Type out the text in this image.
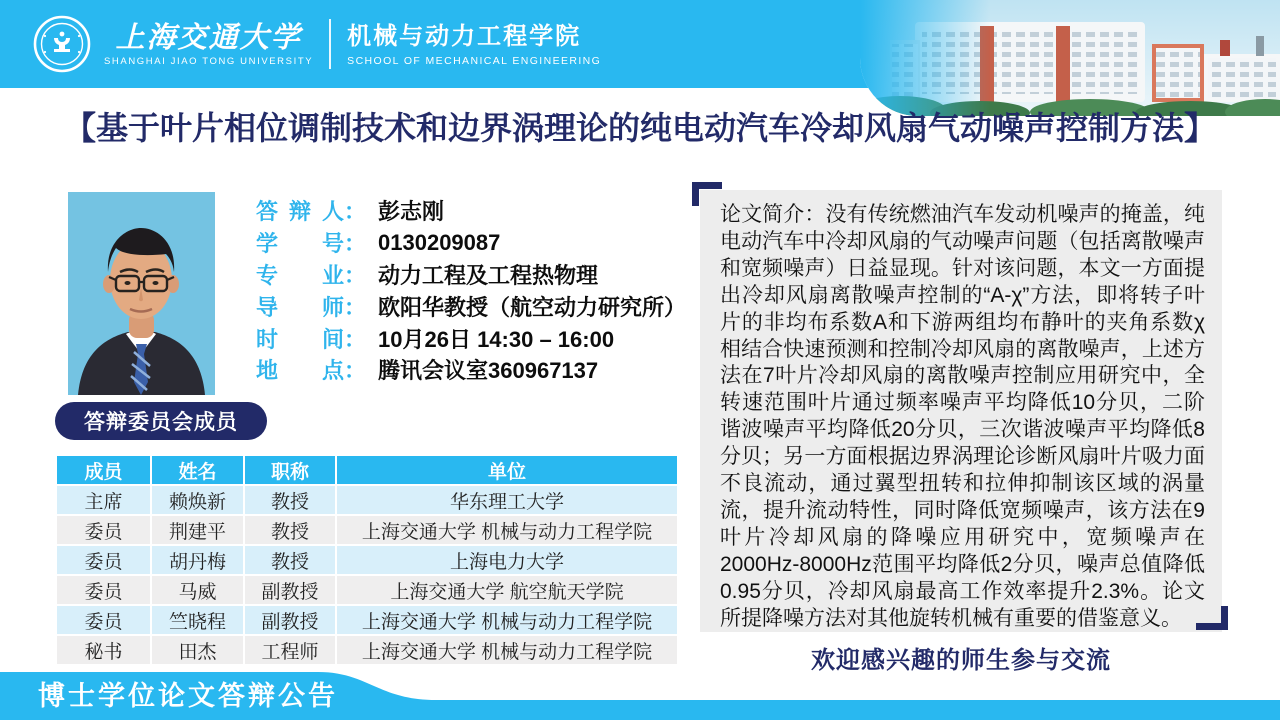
上海交通大学
SHANGHAI JIAO TONG UNIVERSITY
机械与动力工程学院
SCHOOL OF MECHANICAL ENGINEERING
【基于叶片相位调制技术和边界涡理论的纯电动汽车冷却风扇气动噪声控制方法】
答辩人 ： 彭志刚
学号 ： 0130209087
专业 ： 动力工程及工程热物理
导师 ： 欧阳华教授（航空动力研究所）
时间 ： 10月26日 14:30 – 16:00
地点 ： 腾讯会议室360967137
答辩委员会成员
成员	姓名	职称	单位
主席	赖焕新	教授	华东理工大学
委员	荆建平	教授	上海交通大学 机械与动力工程学院
委员	胡丹梅	教授	上海电力大学
委员	马威	副教授	上海交通大学 航空航天学院
委员	竺晓程	副教授	上海交通大学 机械与动力工程学院
秘书	田杰	工程师	上海交通大学 机械与动力工程学院
论文简介：没有传统燃油汽车发动机噪声的掩盖，纯电动汽车中冷却风扇的气动噪声问题（包括离散噪声和宽频噪声）日益显现。针对该问题，本文一方面提出冷却风扇离散噪声控制的“A-χ”方法，即将转子叶片的非均布系数A和下游两组均布静叶的夹角系数χ相结合快速预测和控制冷却风扇的离散噪声，上述方法在7叶片冷却风扇的离散噪声控制应用研究中，全转速范围叶片通过频率噪声平均降低10分贝，二阶谐波噪声平均降低20分贝，三次谐波噪声平均降低8分贝；另一方面根据边界涡理论诊断风扇叶片吸力面不良流动，通过翼型扭转和拉伸抑制该区域的涡量流，提升流动特性，同时降低宽频噪声，该方法在9叶片冷却风扇的降噪应用研究中，宽频噪声在2000Hz-8000Hz范围平均降低2分贝，噪声总值降低0.95分贝，冷却风扇最高工作效率提升2.3%。论文所提降噪方法对其他旋转机械有重要的借鉴意义。
欢迎感兴趣的师生参与交流
博士学位论文答辩公告
